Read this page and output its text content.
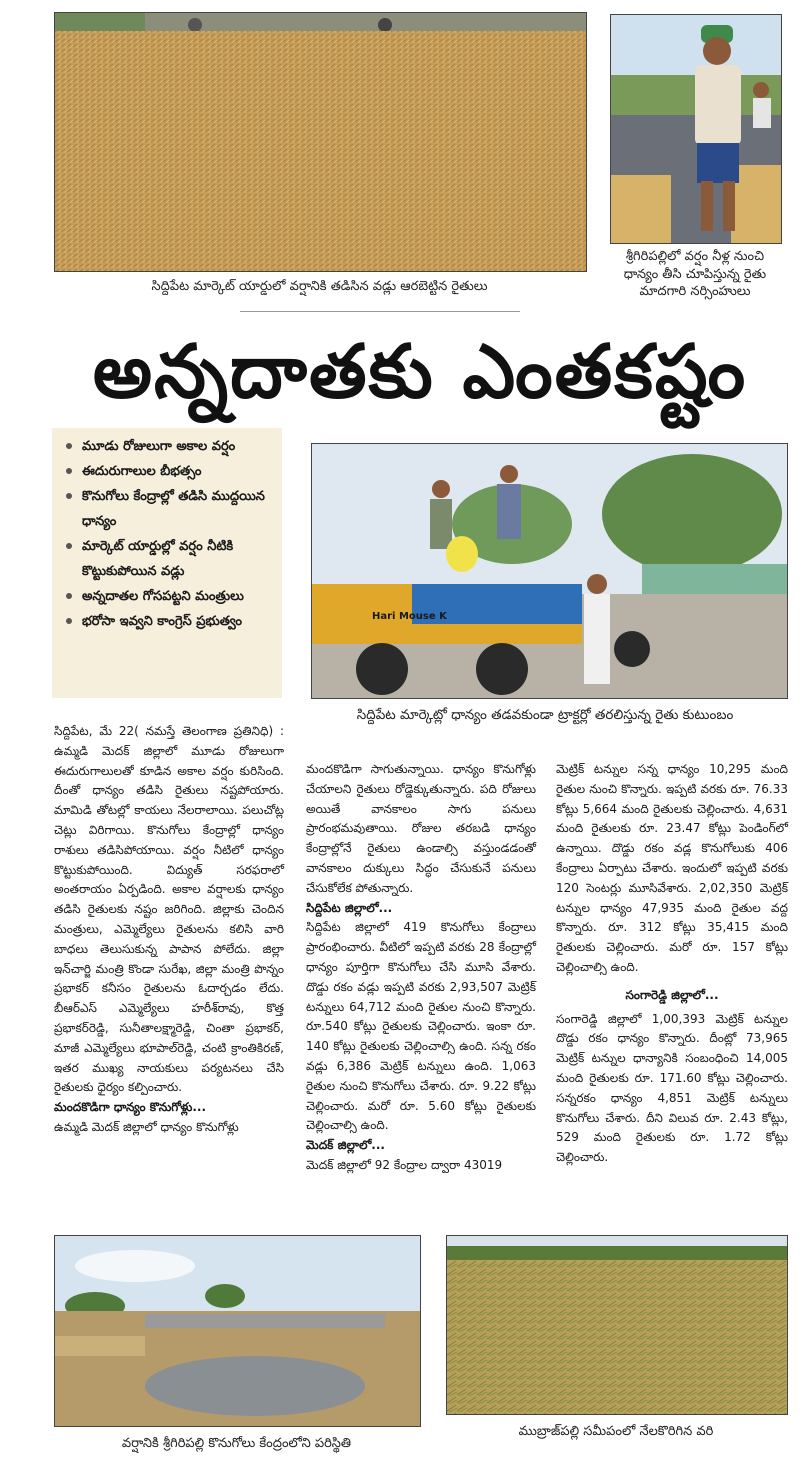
సిద్దిపేట మార్కెట్ యార్డులో వర్షానికి తడిసిన వడ్లు ఆరబెట్టిన రైతులు
శ్రీగిరిపల్లిలో వర్షం నీళ్ల నుంచి
ధాన్యం తీసి చూపిస్తున్న రైతు
మాదగారి నర్సింహులు
అన్నదాతకు ఎంతకష్టం
మూడు రోజులుగా అకాల వర్షం
ఈదురుగాలుల బీభత్సం
కొనుగోలు కేంద్రాల్లో తడిసి ముద్దయిన ధాన్యం
మార్కెట్ యార్డుల్లో వర్షం నీటికి కొట్టుకుపోయిన వడ్లు
అన్నదాతల గోసపట్టని మంత్రులు
భరోసా ఇవ్వని కాంగ్రెస్ ప్రభుత్వం	Hari Mouse K
సిద్దిపేట మార్కెట్లో ధాన్యం తడవకుండా ట్రాక్టర్లో తరలిస్తున్న రైతు కుటుంబం

సిద్దిపేట, మే 22( నమస్తే తెలంగాణ ప్రతినిధి) : ఉమ్మడి మెదక్ జిల్లాలో మూడు రోజులుగా ఈదురుగాలులతో కూడిన అకాల వర్షం కురిసింది. దీంతో ధాన్యం తడిసి రైతులు నష్టపోయారు. మామిడి తోటల్లో కాయలు నేలరాలాయి. పలుచోట్ల చెట్లు విరిగాయి. కొనుగోలు కేంద్రాల్లో ధాన్యం రాశులు తడిసిపోయాయి. వర్షం నీటిలో ధాన్యం కొట్టుకుపోయింది. విద్యుత్ సరఫరాలో అంతరాయం ఏర్పడింది. అకాల వర్షాలకు ధాన్యం తడిసి రైతులకు నష్టం జరిగింది. జిల్లాకు చెందిన మంత్రులు, ఎమ్మెల్యేలు రైతులను కలిసి వారి బాధలు తెలుసుకున్న పాపాన పోలేదు. జిల్లా ఇన్‌చార్జి మంత్రి కొండా సురేఖ, జిల్లా మంత్రి పొన్నం ప్రభాకర్ కనీసం రైతులను ఓదార్చడం లేదు. బీఆర్ఎస్ ఎమ్మెల్యేలు హరీశ్‌రావు, కొత్త ప్రభాకర్‌రెడ్డి, సునీతాలక్ష్మారెడ్డి, చింతా ప్రభాకర్, మాజీ ఎమ్మెల్యేలు భూపాల్‌రెడ్డి, చంటి క్రాంతికిరణ్, ఇతర ముఖ్య నాయకులు పర్యటనలు చేసి రైతులకు ధైర్యం కల్పించారు.

మందకొడిగా ధాన్యం కొనుగోళ్లు...

ఉమ్మడి మెదక్ జిల్లాలో ధాన్యం కొనుగోళ్లు

మందకొడిగా సాగుతున్నాయి. ధాన్యం కొనుగోళ్లు చేయాలని రైతులు రోడ్డెక్కుతున్నారు. పది రోజులు అయితే వానకాలం సాగు పనులు ప్రారంభమవుతాయి. రోజుల తరబడి ధాన్యం కేంద్రాల్లోనే రైతులు ఉండాల్సి వస్తుండడంతో వానకాలం దుక్కులు సిద్ధం చేసుకునే పనులు చేసుకోలేక పోతున్నారు.

సిద్దిపేట జిల్లాలో...

సిద్దిపేట జిల్లాలో 419 కొనుగోలు కేంద్రాలు ప్రారంభించారు. వీటిలో ఇప్పటి వరకు 28 కేంద్రాల్లో ధాన్యం పూర్తిగా కొనుగోలు చేసి మూసి వేశారు. దొడ్డు రకం వడ్లు ఇప్పటి వరకు 2,93,507 మెట్రిక్ టన్నులు 64,712 మంది రైతుల నుంచి కొన్నారు. రూ.540 కోట్లు రైతులకు చెల్లించారు. ఇంకా రూ. 140 కోట్లు రైతులకు చెల్లించాల్సి ఉంది. సన్న రకం వడ్లు 6,386 మెట్రిక్ టన్నులు ఉంది. 1,063 రైతుల నుంచి కొనుగోలు చేశారు. రూ. 9.22 కోట్లు చెల్లించారు. మరో రూ. 5.60 కోట్లు రైతులకు చెల్లించాల్సి ఉంది.

మెదక్ జిల్లాలో...

మెదక్ జిల్లాలో 92 కేంద్రాల ద్వారా 43019

మెట్రిక్ టన్నుల సన్న ధాన్యం 10,295 మంది రైతుల నుంచి కొన్నారు. ఇప్పటి వరకు రూ. 76.33 కోట్లు 5,664 మంది రైతులకు చెల్లించారు. 4,631 మంది రైతులకు రూ. 23.47 కోట్లు పెండింగ్‌లో ఉన్నాయి. దొడ్డు రకం వడ్ల కొనుగోలుకు 406 కేంద్రాలు ఏర్పాటు చేశారు. ఇందులో ఇప్పటి వరకు 120 సెంటర్లు మూసివేశారు. 2,02,350 మెట్రిక్ టన్నుల ధాన్యం 47,935 మంది రైతుల వద్ద కొన్నారు. రూ. 312 కోట్లు 35,415 మంది రైతులకు చెల్లించారు. మరో రూ. 157 కోట్లు చెల్లించాల్సి ఉంది.

సంగారెడ్డి జిల్లాలో...

సంగారెడ్డి జిల్లాలో 1,00,393 మెట్రిక్ టన్నుల దొడ్డు రకం ధాన్యం కొన్నారు. దీంట్లో 73,965 మెట్రిక్ టన్నుల ధాన్యానికి సంబంధించి 14,005 మంది రైతులకు రూ. 171.60 కోట్లు చెల్లించారు. సన్నరకం ధాన్యం 4,851 మెట్రిక్ టన్నులు కొనుగోలు చేశారు. దీని విలువ రూ. 2.43 కోట్లు, 529 మంది రైతులకు రూ. 1.72 కోట్లు చెల్లించారు.

వర్షానికి శ్రీగిరిపల్లి కొనుగోలు కేంద్రంలోని పరిస్థితి
ముబ్రాజ్‌పల్లి సమీపంలో నేలకొరిగిన వరి
